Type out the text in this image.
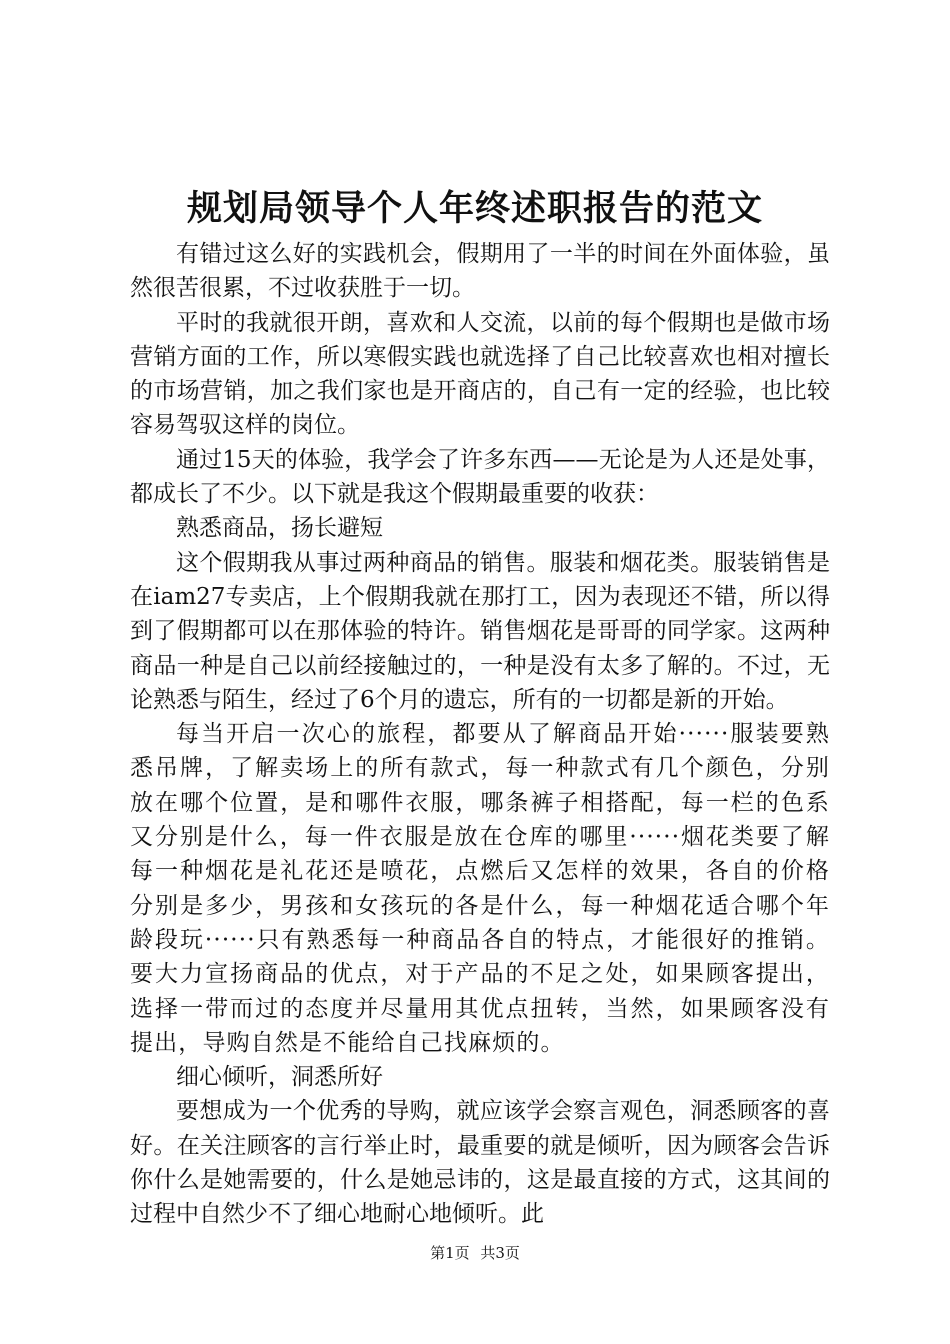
规划局领导个人年终述职报告的范文

有错过这么好的实践机会，假期用了一半的时间在外面体验，虽然很苦很累，不过收获胜于一切。

平时的我就很开朗，喜欢和人交流，以前的每个假期也是做市场营销方面的工作，所以寒假实践也就选择了自己比较喜欢也相对擅长的市场营销，加之我们家也是开商店的，自己有一定的经验，也比较容易驾驭这样的岗位。

通过15天的体验，我学会了许多东西——无论是为人还是处事，都成长了不少。以下就是我这个假期最重要的收获：

熟悉商品，扬长避短

这个假期我从事过两种商品的销售。服装和烟花类。服装销售是在iam27专卖店，上个假期我就在那打工，因为表现还不错，所以得到了假期都可以在那体验的特许。销售烟花是哥哥的同学家。这两种商品一种是自己以前经接触过的，一种是没有太多了解的。不过，无论熟悉与陌生，经过了6个月的遗忘，所有的一切都是新的开始。

每当开启一次心的旅程，都要从了解商品开始······服装要熟悉吊牌，了解卖场上的所有款式，每一种款式有几个颜色，分别放在哪个位置，是和哪件衣服，哪条裤子相搭配，每一栏的色系又分别是什么，每一件衣服是放在仓库的哪里······烟花类要了解每一种烟花是礼花还是喷花，点燃后又怎样的效果，各自的价格分别是多少，男孩和女孩玩的各是什么，每一种烟花适合哪个年龄段玩······只有熟悉每一种商品各自的特点，才能很好的推销。要大力宣扬商品的优点，对于产品的不足之处，如果顾客提出，选择一带而过的态度并尽量用其优点扭转，当然，如果顾客没有提出，导购自然是不能给自己找麻烦的。

细心倾听，洞悉所好

要想成为一个优秀的导购，就应该学会察言观色，洞悉顾客的喜好。在关注顾客的言行举止时，最重要的就是倾听，因为顾客会告诉你什么是她需要的，什么是她忌讳的，这是最直接的方式，这其间的过程中自然少不了细心地耐心地倾听。此

第1页 共3页
